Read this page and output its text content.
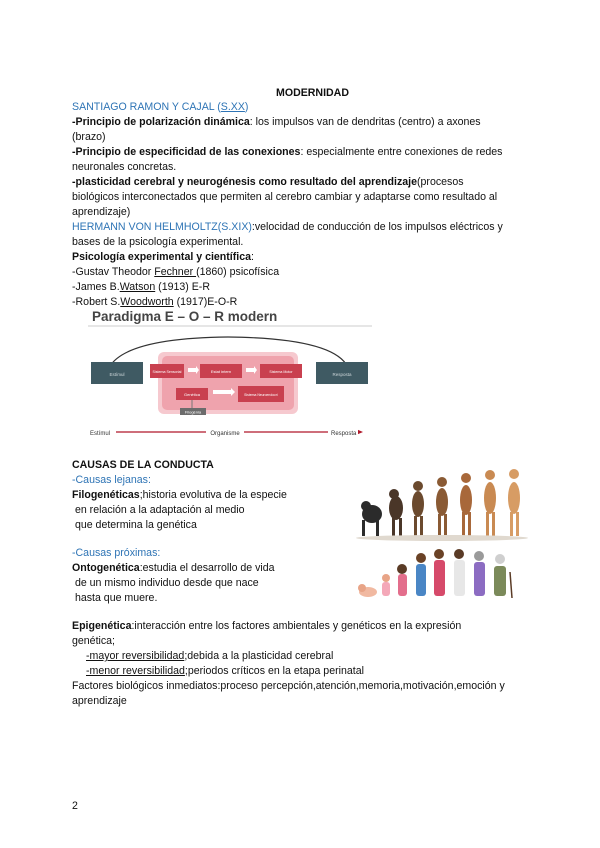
MODERNIDAD
SANTIAGO RAMON Y CAJAL (S.XX)
-Principio de polarización dinámica: los impulsos van de dendritas (centro) a axones
(brazo)
-Principio de especificidad de las conexiones: especialmente entre conexiones de redes
neuronales concretas.
-plasticidad cerebral y neurogénesis como resultado del aprendizaje(procesos
biológicos interconectados que permiten al cerebro cambiar y adaptarse como resultado al
aprendizaje)
HERMANN VON HELMHOLTZ(S.XIX):velocidad de conducción de los impulsos eléctricos y
bases de la psicología experimental.
Psicología experimental y científica:
-Gustav Theodor Fechner (1860) psicofísica
-James B.Watson (1913) E-R
-Robert S.Woodworth (1917)E-O-R
Paradigma E – O – R modern
Estímul	Resposta
Sistema Sensorial	Estat intern	Sistema Motor
Genètica	Sistema Neuroendocrí
Filogènia
Estímul	Organisme	Resposta
CAUSAS DE LA CONDUCTA
-Causas lejanas:
Filogenéticas;historia evolutiva de la especie
en relación a la adaptación al medio
que determina la genética
-Causas próximas:
Ontogenética:estudia el desarrollo de vida
de un mismo individuo desde que nace
hasta que muere.
Epigenética:interacción entre los factores ambientales y genéticos en la expresión
genética;
-mayor reversibilidad;debida a la plasticidad cerebral
-menor reversibilidad;periodos críticos en la etapa perinatal
Factores biológicos inmediatos:proceso percepción,atención,memoria,motivación,emoción y
aprendizaje
2
